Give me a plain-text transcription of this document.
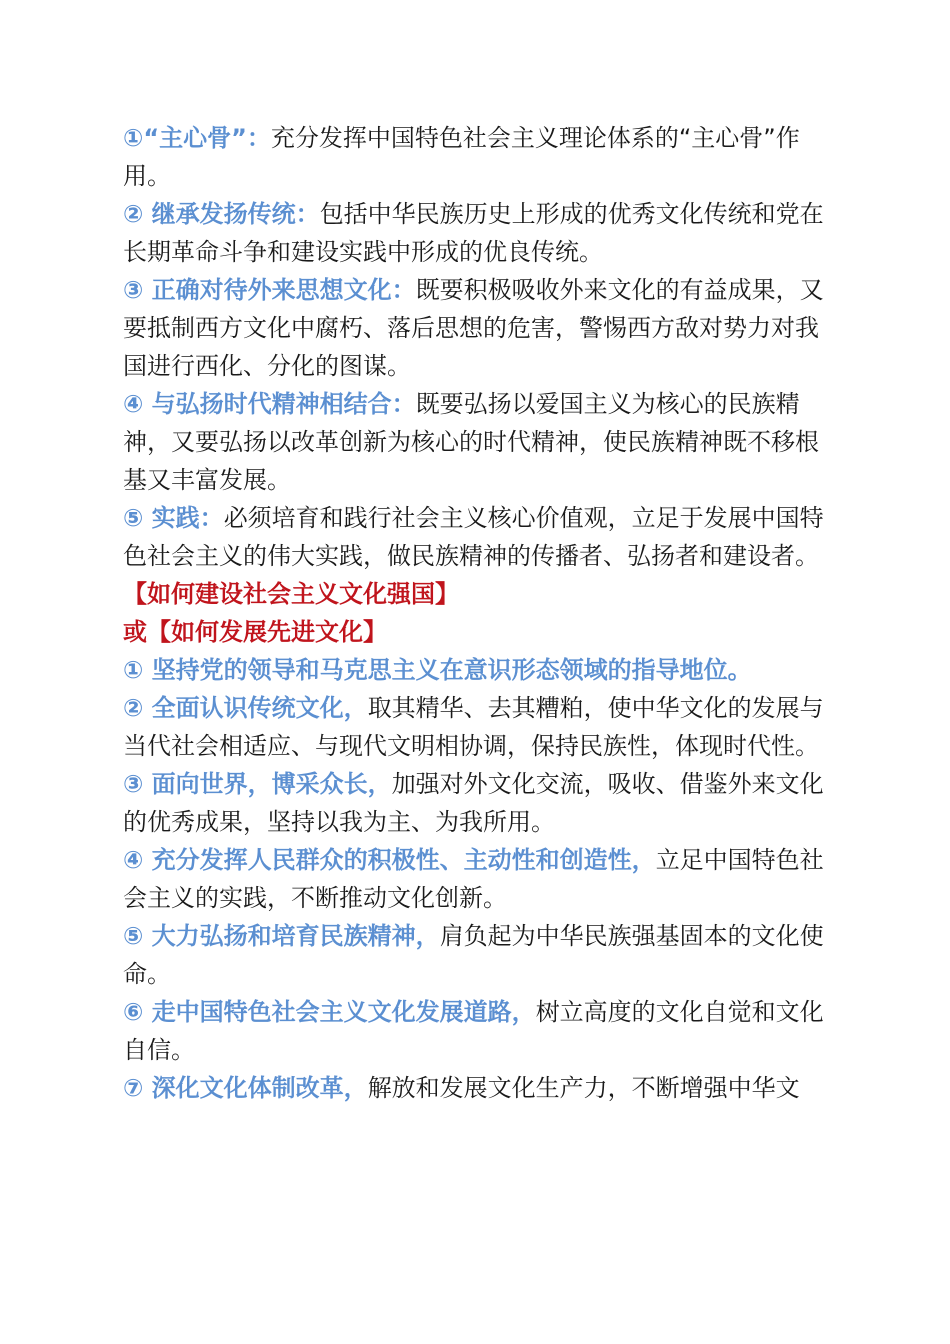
①“主心骨”：充分发挥中国特色社会主义理论体系的“主心骨”作用。

② 继承发扬传统：包括中华民族历史上形成的优秀文化传统和党在长期革命斗争和建设实践中形成的优良传统。

③ 正确对待外来思想文化：既要积极吸收外来文化的有益成果，又要抵制西方文化中腐朽、落后思想的危害，警惕西方敌对势力对我国进行西化、分化的图谋。

④ 与弘扬时代精神相结合：既要弘扬以爱国主义为核心的民族精神，又要弘扬以改革创新为核心的时代精神，使民族精神既不移根基又丰富发展。

⑤ 实践：必须培育和践行社会主义核心价值观，立足于发展中国特色社会主义的伟大实践，做民族精神的传播者、弘扬者和建设者。

【如何建设社会主义文化强国】

或【如何发展先进文化】

① 坚持党的领导和马克思主义在意识形态领域的指导地位。

② 全面认识传统文化，取其精华、去其糟粕，使中华文化的发展与当代社会相适应、与现代文明相协调，保持民族性，体现时代性。

③ 面向世界，博采众长，加强对外文化交流，吸收、借鉴外来文化的优秀成果，坚持以我为主、为我所用。

④ 充分发挥人民群众的积极性、主动性和创造性，立足中国特色社会主义的实践，不断推动文化创新。

⑤ 大力弘扬和培育民族精神，肩负起为中华民族强基固本的文化使命。

⑥ 走中国特色社会主义文化发展道路，树立高度的文化自觉和文化自信。

⑦ 深化文化体制改革，解放和发展文化生产力，不断增强中华文
